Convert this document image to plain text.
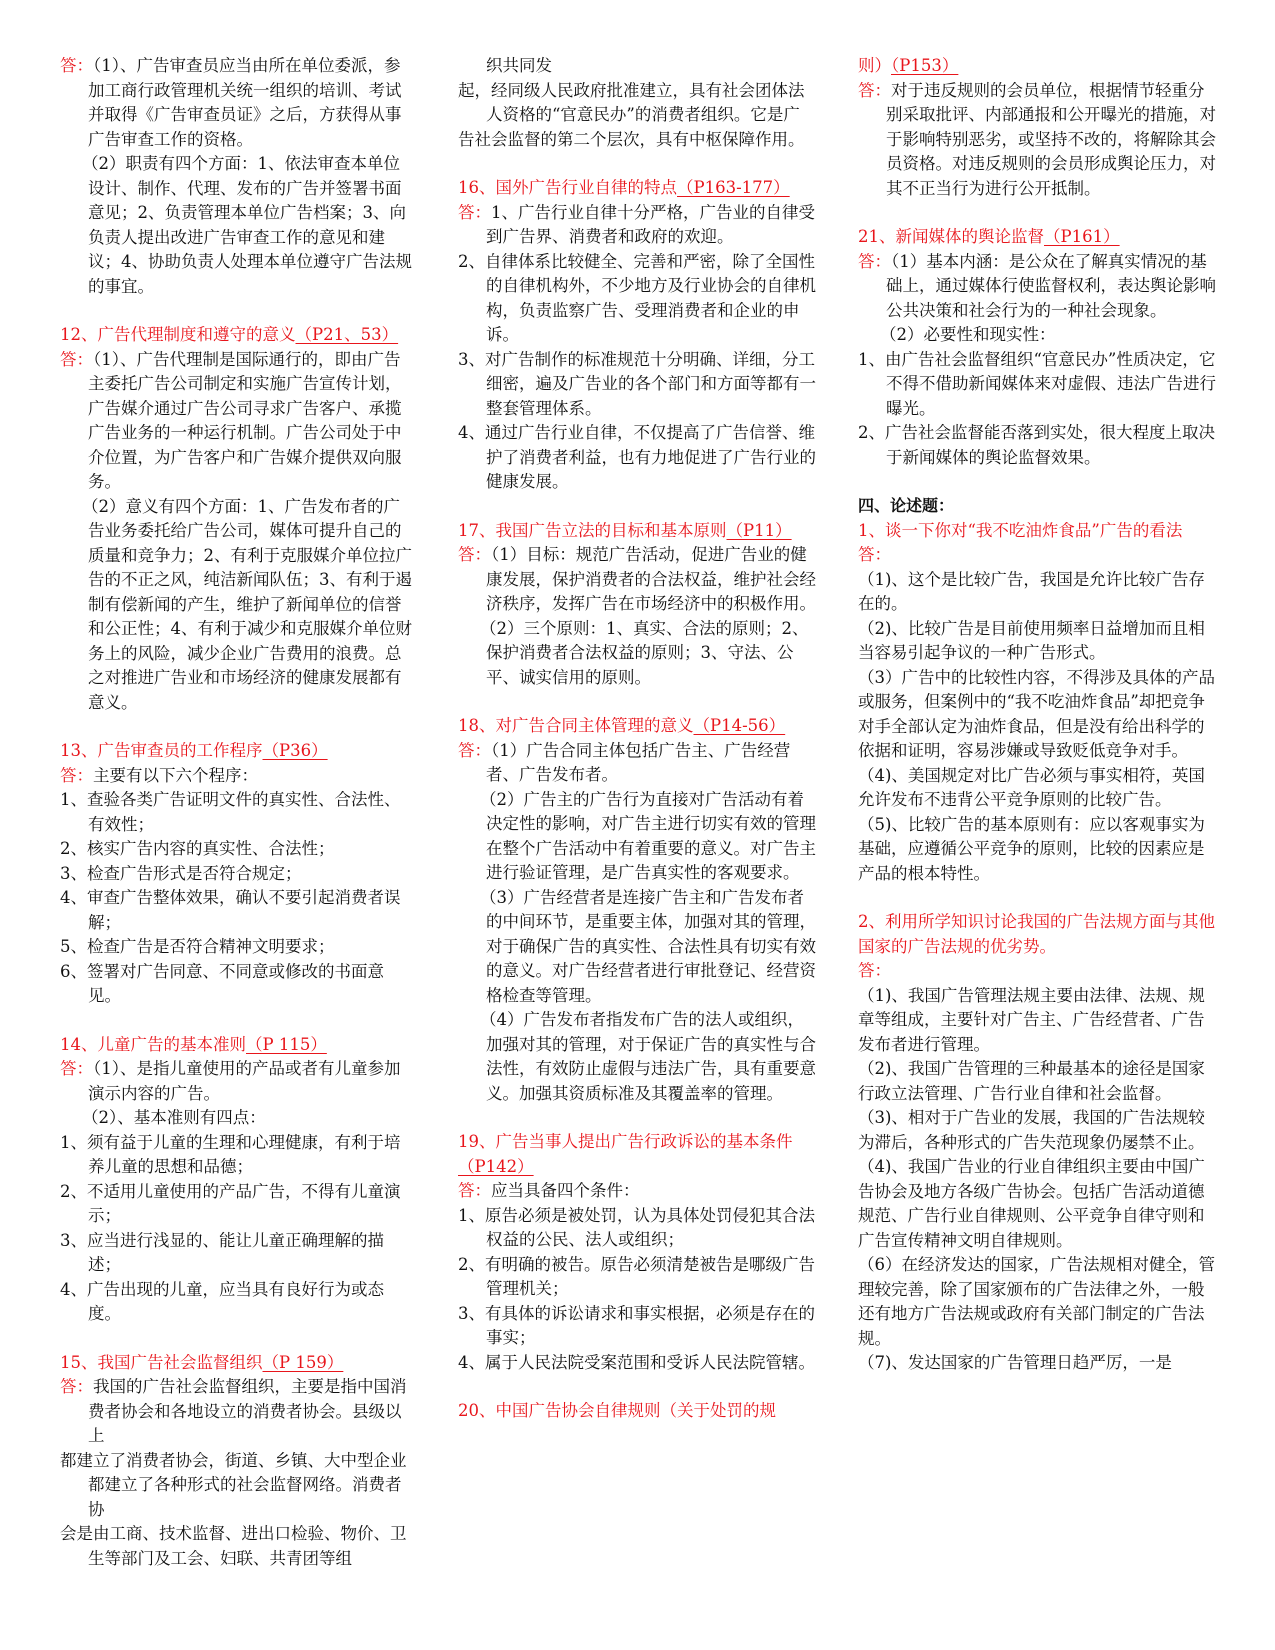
答：（1）、广告审查员应当由所在单位委派，参加工商行政管理机关统一组织的培训、考试并取得《广告审查员证》之后，方获得从事广告审查工作的资格。
（2）职责有四个方面：1、依法审查本单位设计、制作、代理、发布的广告并签署书面意见；2、负责管理本单位广告档案；3、向负责人提出改进广告审查工作的意见和建议；4、协助负责人处理本单位遵守广告法规的事宜。
12、广告代理制度和遵守的意义（P21、53）
答：（1）、广告代理制是国际通行的，即由广告主委托广告公司制定和实施广告宣传计划，广告媒介通过广告公司寻求广告客户、承揽广告业务的一种运行机制。广告公司处于中介位置，为广告客户和广告媒介提供双向服务。
（2）意义有四个方面：1、广告发布者的广告业务委托给广告公司，媒体可提升自己的质量和竞争力；2、有利于克服媒介单位拉广告的不正之风，纯洁新闻队伍；3、有利于遏制有偿新闻的产生，维护了新闻单位的信誉和公正性；4、有利于减少和克服媒介单位财务上的风险，减少企业广告费用的浪费。总之对推进广告业和市场经济的健康发展都有意义。
13、广告审查员的工作程序（P36）
答：主要有以下六个程序：
1、查验各类广告证明文件的真实性、合法性、有效性；
2、核实广告内容的真实性、合法性；
3、检查广告形式是否符合规定；
4、审查广告整体效果，确认不要引起消费者误解；
5、检查广告是否符合精神文明要求；
6、签署对广告同意、不同意或修改的书面意见。
14、儿童广告的基本准则（P 115）
答：（1）、是指儿童使用的产品或者有儿童参加演示内容的广告。
（2）、基本准则有四点：
1、须有益于儿童的生理和心理健康，有利于培养儿童的思想和品德；
2、不适用儿童使用的产品广告，不得有儿童演示；
3、应当进行浅显的、能让儿童正确理解的描述；
4、广告出现的儿童，应当具有良好行为或态度。
15、我国广告社会监督组织（P 159）
答：我国的广告社会监督组织，主要是指中国消费者协会和各地设立的消费者协会。县级以上
都建立了消费者协会，街道、乡镇、大中型企业都建立了各种形式的社会监督网络。消费者协
会是由工商、技术监督、进出口检验、物价、卫生等部门及工会、妇联、共青团等组
织共同发
起，经同级人民政府批准建立，具有社会团体法人资格的“官意民办”的消费者组织。它是广
告社会监督的第二个层次，具有中枢保障作用。
16、国外广告行业自律的特点（P163-177）
答：1、广告行业自律十分严格，广告业的自律受到广告界、消费者和政府的欢迎。
2、自律体系比较健全、完善和严密，除了全国性的自律机构外，不少地方及行业协会的自律机构，负责监察广告、受理消费者和企业的申诉。
3、对广告制作的标准规范十分明确、详细，分工细密，遍及广告业的各个部门和方面等都有一整套管理体系。
4、通过广告行业自律，不仅提高了广告信誉、维护了消费者利益，也有力地促进了广告行业的健康发展。
17、我国广告立法的目标和基本原则（P11）
答：（1）目标：规范广告活动，促进广告业的健康发展，保护消费者的合法权益，维护社会经济秩序，发挥广告在市场经济中的积极作用。
（2）三个原则：1、真实、合法的原则；2、保护消费者合法权益的原则；3、守法、公平、诚实信用的原则。
18、对广告合同主体管理的意义（P14-56）
答：（1）广告合同主体包括广告主、广告经营者、广告发布者。
（2）广告主的广告行为直接对广告活动有着决定性的影响，对广告主进行切实有效的管理在整个广告活动中有着重要的意义。对广告主进行验证管理，是广告真实性的客观要求。
（3）广告经营者是连接广告主和广告发布者的中间环节，是重要主体，加强对其的管理，对于确保广告的真实性、合法性具有切实有效的意义。对广告经营者进行审批登记、经营资格检查等管理。
（4）广告发布者指发布广告的法人或组织，加强对其的管理，对于保证广告的真实性与合法性，有效防止虚假与违法广告，具有重要意义。加强其资质标准及其覆盖率的管理。
19、广告当事人提出广告行政诉讼的基本条件（P142）
答：应当具备四个条件：
1、原告必须是被处罚，认为具体处罚侵犯其合法权益的公民、法人或组织；
2、有明确的被告。原告必须清楚被告是哪级广告管理机关；
3、有具体的诉讼请求和事实根据，必须是存在的事实；
4、属于人民法院受案范围和受诉人民法院管辖。
20、中国广告协会自律规则（关于处罚的规
则）（P153）
答：对于违反规则的会员单位，根据情节轻重分别采取批评、内部通报和公开曝光的措施，对于影响特别恶劣，或坚持不改的，将解除其会员资格。对违反规则的会员形成舆论压力，对其不正当行为进行公开抵制。
21、新闻媒体的舆论监督（P161）
答：（1）基本内涵：是公众在了解真实情况的基础上，通过媒体行使监督权利，表达舆论影响公共决策和社会行为的一种社会现象。
（2）必要性和现实性：
1、由广告社会监督组织“官意民办”性质决定，它不得不借助新闻媒体来对虚假、违法广告进行曝光。
2、广告社会监督能否落到实处，很大程度上取决于新闻媒体的舆论监督效果。
四、论述题：
1、谈一下你对“我不吃油炸食品”广告的看法
答：
（1)、这个是比较广告，我国是允许比较广告存在的。
（2)、比较广告是目前使用频率日益增加而且相当容易引起争议的一种广告形式。
（3）广告中的比较性内容，不得涉及具体的产品或服务，但案例中的“我不吃油炸食品”却把竞争对手全部认定为油炸食品，但是没有给出科学的依据和证明，容易涉嫌或导致贬低竞争对手。
（4)、美国规定对比广告必须与事实相符，英国允许发布不违背公平竞争原则的比较广告。
（5)、比较广告的基本原则有：应以客观事实为基础，应遵循公平竞争的原则，比较的因素应是产品的根本特性。
2、利用所学知识讨论我国的广告法规方面与其他国家的广告法规的优劣势。
答：
（1)、我国广告管理法规主要由法律、法规、规章等组成，主要针对广告主、广告经营者、广告发布者进行管理。
（2)、我国广告管理的三种最基本的途径是国家行政立法管理、广告行业自律和社会监督。
（3)、相对于广告业的发展，我国的广告法规较为滞后，各种形式的广告失范现象仍屡禁不止。
（4)、我国广告业的行业自律组织主要由中国广告协会及地方各级广告协会。包括广告活动道德规范、广告行业自律规则、公平竞争自律守则和广告宣传精神文明自律规则。
（6）在经济发达的国家，广告法规相对健全，管理较完善，除了国家颁布的广告法律之外，一般还有地方广告法规或政府有关部门制定的广告法规。
（7)、发达国家的广告管理日趋严厉，一是
